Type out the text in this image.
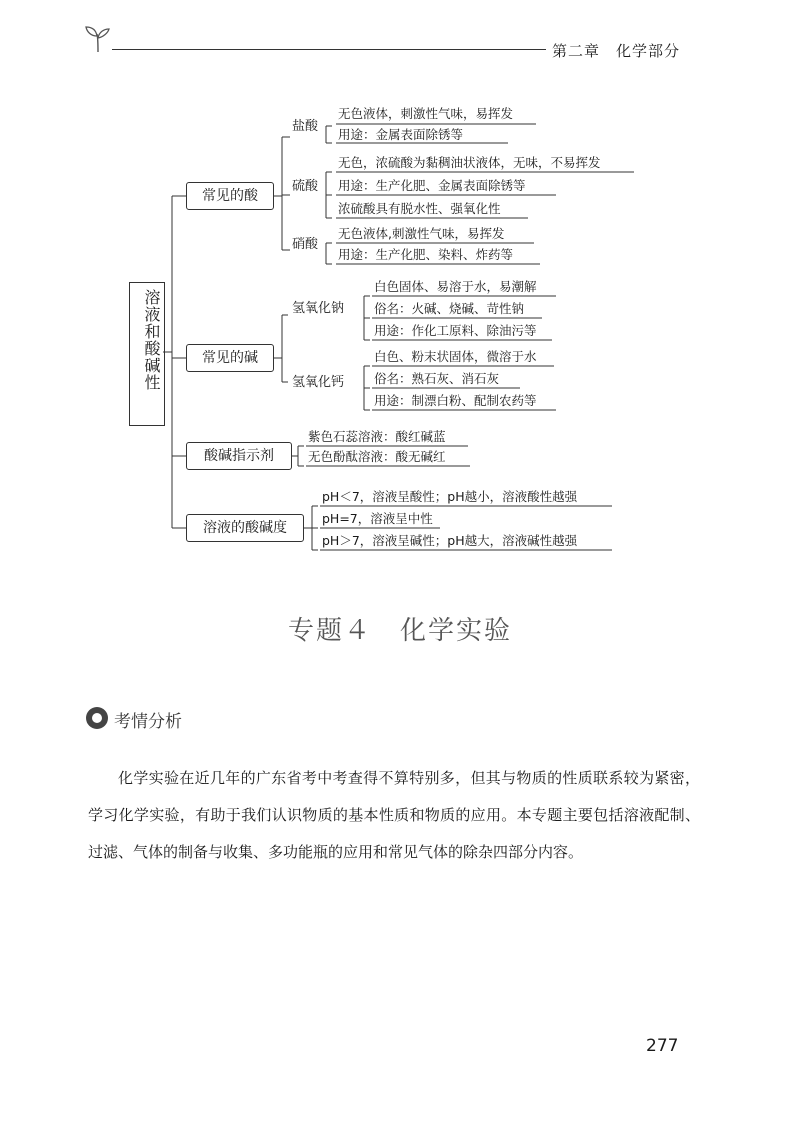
第二章　化学部分
溶液和酸碱性
常见的酸
常见的碱
酸碱指示剂
溶液的酸碱度
盐酸
无色液体，刺激性气味，易挥发
用途：金属表面除锈等
硫酸
无色，浓硫酸为黏稠油状液体，无味，不易挥发
用途：生产化肥、金属表面除锈等
浓硫酸具有脱水性、强氧化性
硝酸
无色液体,刺激性气味，易挥发
用途：生产化肥、染料、炸药等
氢氧化钠
白色固体、易溶于水，易潮解
俗名：火碱、烧碱、苛性钠
用途：作化工原料、除油污等
氢氧化钙
白色、粉末状固体，微溶于水
俗名：熟石灰、消石灰
用途：制漂白粉、配制农药等
紫色石蕊溶液：酸红碱蓝
无色酚酞溶液：酸无碱红
pH＜7，溶液呈酸性；pH越小，溶液酸性越强
pH=7，溶液呈中性
pH＞7，溶液呈碱性；pH越大，溶液碱性越强
专题４　化学实验
考情分析
化学实验在近几年的广东省考中考查得不算特别多，但其与物质的性质联系较为紧密，学习化学实验，有助于我们认识物质的基本性质和物质的应用。本专题主要包括溶液配制、过滤、气体的制备与收集、多功能瓶的应用和常见气体的除杂四部分内容。
277
